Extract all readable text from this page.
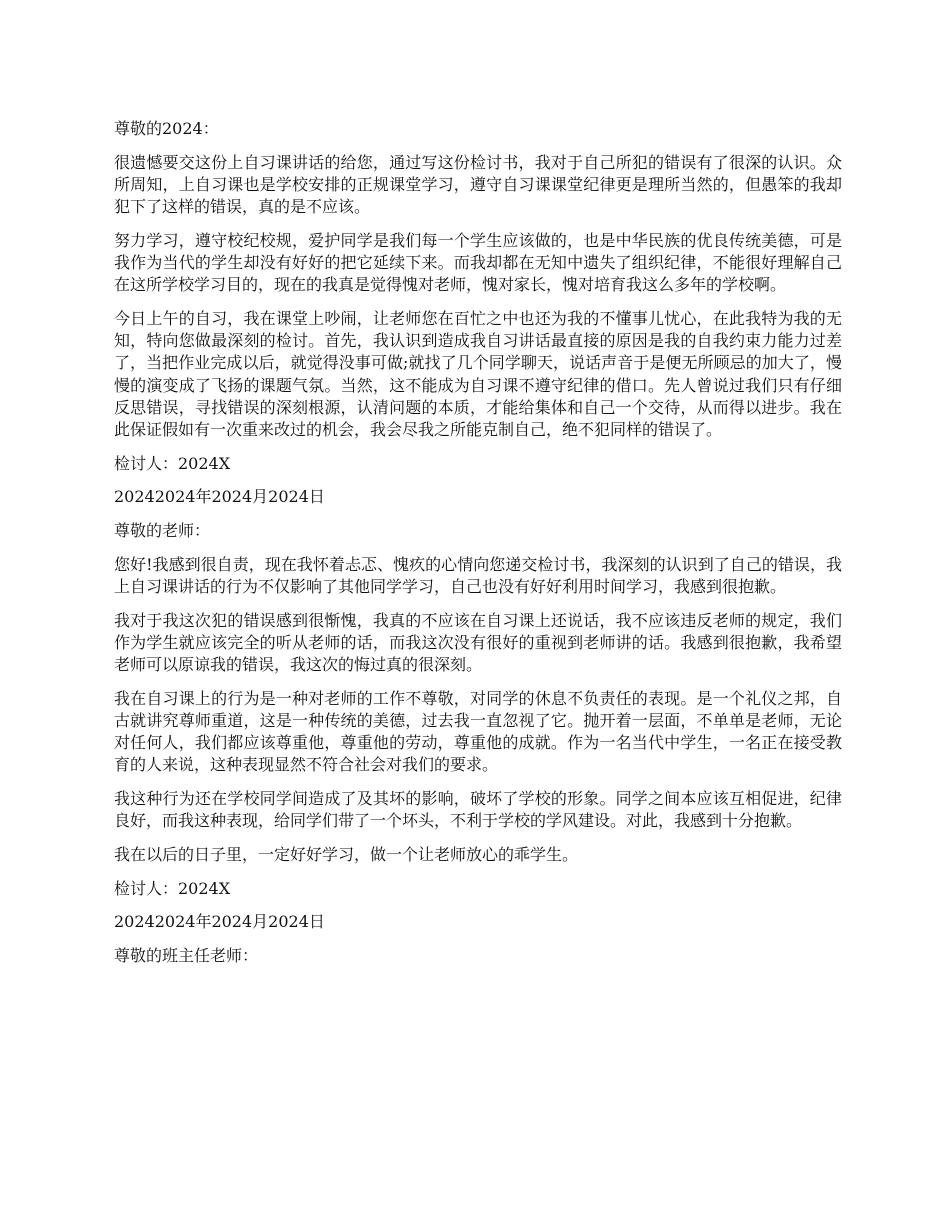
尊敬的2024：

很遗憾要交这份上自习课讲话的给您，通过写这份检讨书，我对于自己所犯的错误有了很深的认识。众所周知，上自习课也是学校安排的正规课堂学习，遵守自习课课堂纪律更是理所当然的，但愚笨的我却犯下了这样的错误，真的是不应该。

努力学习，遵守校纪校规，爱护同学是我们每一个学生应该做的，也是中华民族的优良传统美德，可是我作为当代的学生却没有好好的把它延续下来。而我却都在无知中遗失了组织纪律，不能很好理解自己在这所学校学习目的，现在的我真是觉得愧对老师，愧对家长，愧对培育我这么多年的学校啊。

今日上午的自习，我在课堂上吵闹，让老师您在百忙之中也还为我的不懂事儿忧心，在此我特为我的无知，特向您做最深刻的检讨。首先，我认识到造成我自习讲话最直接的原因是我的自我约束力能力过差了，当把作业完成以后，就觉得没事可做;就找了几个同学聊天，说话声音于是便无所顾忌的加大了，慢慢的演变成了飞扬的课题气氛。当然，这不能成为自习课不遵守纪律的借口。先人曾说过我们只有仔细反思错误，寻找错误的深刻根源，认清问题的本质，才能给集体和自己一个交待，从而得以进步。我在此保证假如有一次重来改过的机会，我会尽我之所能克制自己，绝不犯同样的错误了。

检讨人：2024X

20242024年2024月2024日

尊敬的老师：

您好!我感到很自责，现在我怀着忐忑、愧疚的心情向您递交检讨书，我深刻的认识到了自己的错误，我上自习课讲话的行为不仅影响了其他同学学习，自己也没有好好利用时间学习，我感到很抱歉。

我对于我这次犯的错误感到很惭愧，我真的不应该在自习课上还说话，我不应该违反老师的规定，我们作为学生就应该完全的听从老师的话，而我这次没有很好的重视到老师讲的话。我感到很抱歉，我希望老师可以原谅我的错误，我这次的悔过真的很深刻。

我在自习课上的行为是一种对老师的工作不尊敬，对同学的休息不负责任的表现。是一个礼仪之邦，自古就讲究尊师重道，这是一种传统的美德，过去我一直忽视了它。抛开着一层面，不单单是老师，无论对任何人，我们都应该尊重他，尊重他的劳动，尊重他的成就。作为一名当代中学生，一名正在接受教育的人来说，这种表现显然不符合社会对我们的要求。

我这种行为还在学校同学间造成了及其坏的影响，破坏了学校的形象。同学之间本应该互相促进，纪律良好，而我这种表现，给同学们带了一个坏头，不利于学校的学风建设。对此，我感到十分抱歉。

我在以后的日子里，一定好好学习，做一个让老师放心的乖学生。

检讨人：2024X

20242024年2024月2024日

尊敬的班主任老师：
